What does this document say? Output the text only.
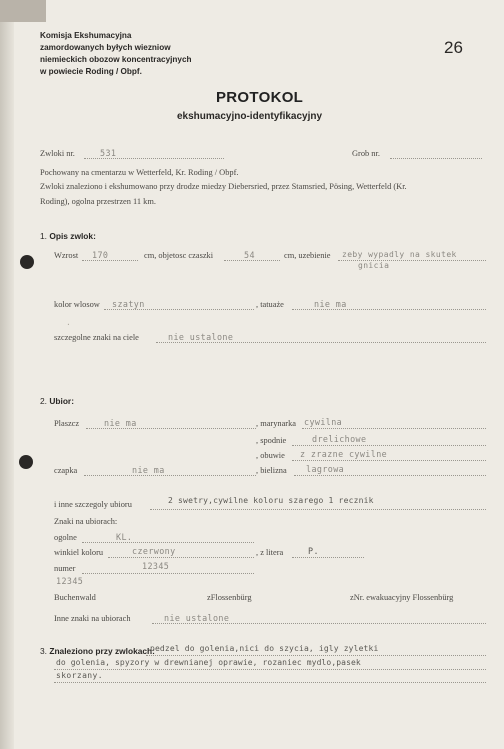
Komisja Ekshumacyjna
zamordowanych byłych wiezniow
niemieckich obozow koncentracyjnych
w powiecie Roding / Obpf.
26
PROTOKOL
ekshumacyjno-identyfikacyjny
Zwloki nr.	531	Grob nr.
Pochowany na cmentarzu w Wetterfeld, Kr. Roding / Obpf.
Zwloki znaleziono i ekshumowano przy drodze miedzy Diebersried, przez Stamsried, Pösing, Wetterfeld (Kr.
Roding), ogolna przestrzen 11 km.
1. Opis zwlok:
Wzrost 170	cm, objetosc czaszki	54	cm, uzebienie zeby wypadly na skutek
gnicia
kolor wlosow szatyn	, tatuaże	nie ma
.
szczegolne znaki na ciele	nie ustalone
2. Ubior:
Plaszcz	nie ma	, marynarka cywilna
, spodnie	drelichowe
, obuwie z zrazne cywilne
czapka	nie ma	, bielizna lagrowa
i inne szczegoly ubioru	2 swetry,cywilne koloru szarego 1 recznik
Znaki na ubiorach:
ogolne	KL.
winkiel koloru	czerwony	, z litera	P.
numer	12345
12345
Buchenwald	zFlossenbürg	zNr. ewakuacyjny Flossenbürg
Inne znaki na ubiorach	nie ustalone
3. Znaleziono przy zwlokach:
pedzel do golenia,nici do szycia, igly zyletki
do golenia, spyzory w drewnianej oprawie, rozaniec mydlo,pasek
skorzany.
